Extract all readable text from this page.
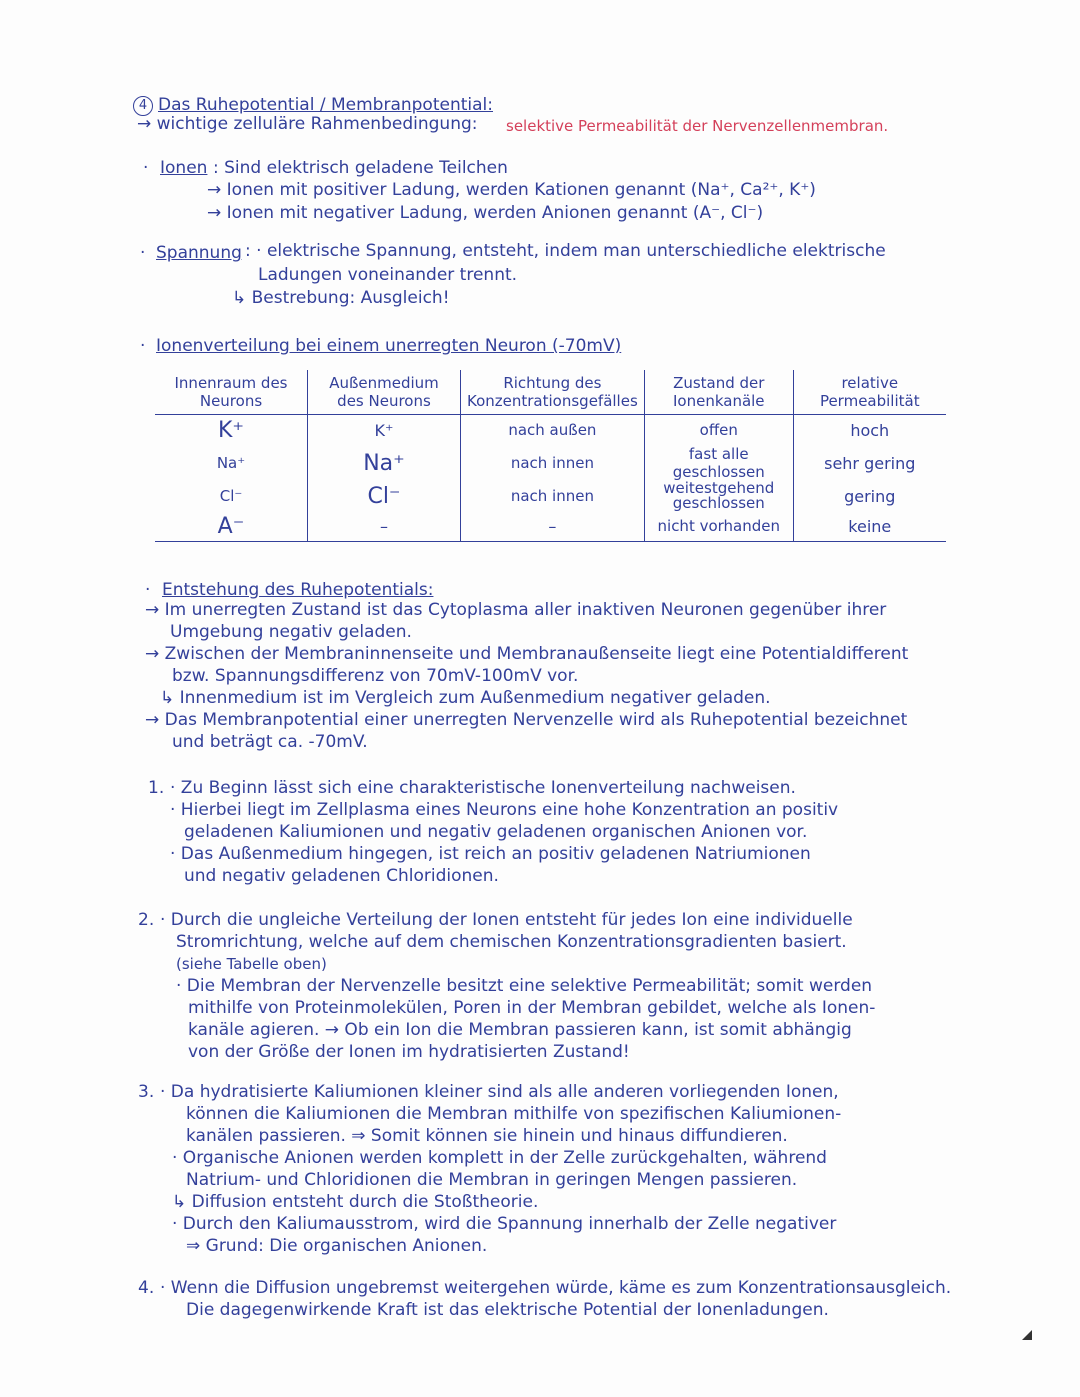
4 Das Ruhepotential / Membranpotential:
→ wichtige zelluläre Rahmenbedingung: selektive Permeabilität der Nervenzellenmembran.
· Ionen : Sind elektrisch geladene Teilchen
→ Ionen mit positiver Ladung, werden Kationen genannt (Na⁺, Ca²⁺, K⁺)
→ Ionen mit negativer Ladung, werden Anionen genannt (A⁻, Cl⁻)
· Spannung : · elektrische Spannung, entsteht, indem man unterschiedliche elektrische
Ladungen voneinander trennt.
↳ Bestrebung: Ausgleich!
· Ionenverteilung bei einem unerregten Neuron (-70mV)
Innenraum des Neurons	Außenmedium des Neurons	Richtung des Konzentrationsgefälles	Zustand der Ionenkanäle	relative Permeabilität
K⁺	K⁺	nach außen	offen	hoch
Na⁺	Na⁺	nach innen	fast alle geschlossen	sehr gering
Cl⁻	Cl⁻	nach innen	weitestgehend geschlossen	gering
A⁻	–	–	nicht vorhanden	keine
· Entstehung des Ruhepotentials:
→ Im unerregten Zustand ist das Cytoplasma aller inaktiven Neuronen gegenüber ihrer
Umgebung negativ geladen.
→ Zwischen der Membraninnenseite und Membranaußenseite liegt eine Potentialdifferent
bzw. Spannungsdifferenz von 70mV-100mV vor.
↳ Innenmedium ist im Vergleich zum Außenmedium negativer geladen.
→ Das Membranpotential einer unerregten Nervenzelle wird als Ruhepotential bezeichnet
und beträgt ca. -70mV.
1. · Zu Beginn lässt sich eine charakteristische Ionenverteilung nachweisen.
· Hierbei liegt im Zellplasma eines Neurons eine hohe Konzentration an positiv
geladenen Kaliumionen und negativ geladenen organischen Anionen vor.
· Das Außenmedium hingegen, ist reich an positiv geladenen Natriumionen
und negativ geladenen Chloridionen.
2. · Durch die ungleiche Verteilung der Ionen entsteht für jedes Ion eine individuelle
Stromrichtung, welche auf dem chemischen Konzentrationsgradienten basiert.
(siehe Tabelle oben)
· Die Membran der Nervenzelle besitzt eine selektive Permeabilität; somit werden
mithilfe von Proteinmolekülen, Poren in der Membran gebildet, welche als Ionen-
kanäle agieren. → Ob ein Ion die Membran passieren kann, ist somit abhängig
von der Größe der Ionen im hydratisierten Zustand!
3. · Da hydratisierte Kaliumionen kleiner sind als alle anderen vorliegenden Ionen,
können die Kaliumionen die Membran mithilfe von spezifischen Kaliumionen-
kanälen passieren. ⇒ Somit können sie hinein und hinaus diffundieren.
· Organische Anionen werden komplett in der Zelle zurückgehalten, während
Natrium- und Chloridionen die Membran in geringen Mengen passieren.
↳ Diffusion entsteht durch die Stoßtheorie.
· Durch den Kaliumausstrom, wird die Spannung innerhalb der Zelle negativer
⇒ Grund: Die organischen Anionen.
4. · Wenn die Diffusion ungebremst weitergehen würde, käme es zum Konzentrationsausgleich.
Die dagegenwirkende Kraft ist das elektrische Potential der Ionenladungen.
